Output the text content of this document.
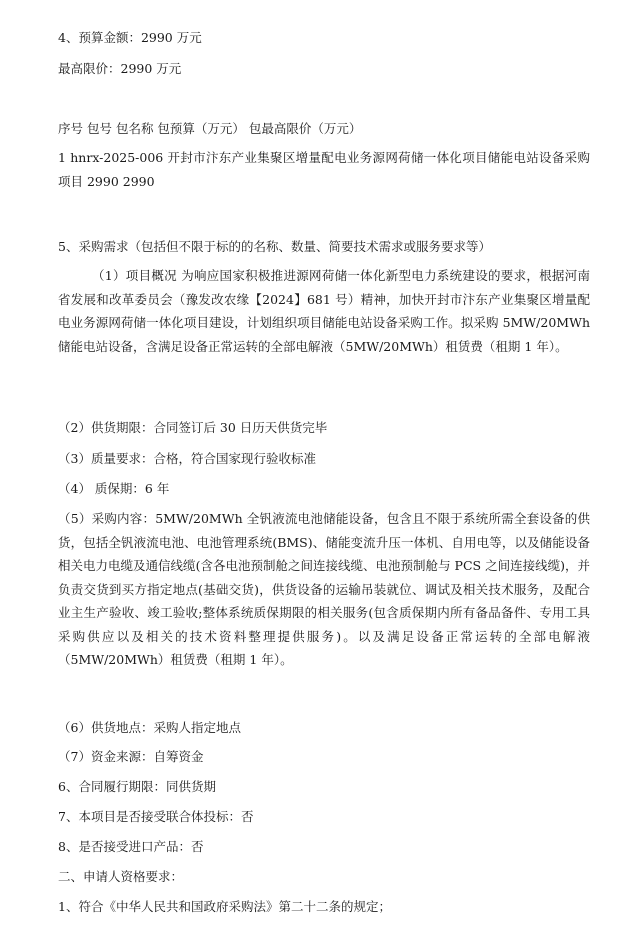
4、预算金额：2990 万元
最高限价：2990 万元
序号 包号 包名称 包预算（万元） 包最高限价（万元）
1 hnrx-2025-006 开封市汴东产业集聚区增量配电业务源网荷储一体化项目储能电站设备采购项目 2990 2990
5、采购需求（包括但不限于标的的名称、数量、简要技术需求或服务要求等）
（1）项目概况 为响应国家积极推进源网荷储一体化新型电力系统建设的要求，根据河南省发展和改革委员会（豫发改农缘【2024】681 号）精神，加快开封市汴东产业集聚区增量配电业务源网荷储一体化项目建设，计划组织项目储能电站设备采购工作。拟采购 5MW/20MWh 储能电站设备，含满足设备正常运转的全部电解液（5MW/20MWh）租赁费（租期 1 年）。
（2）供货期限：合同签订后 30 日历天供货完毕
（3）质量要求：合格，符合国家现行验收标准
（4） 质保期：6 年
（5）采购内容：5MW/20MWh 全钒液流电池储能设备，包含且不限于系统所需全套设备的供货，包括全钒液流电池、电池管理系统(BMS)、储能变流升压一体机、自用电等，以及储能设备相关电力电缆及通信线缆(含各电池预制舱之间连接线缆、电池预制舱与 PCS 之间连接线缆)，并负责交货到买方指定地点(基础交货)，供货设备的运输吊装就位、调试及相关技术服务，及配合业主生产验收、竣工验收;整体系统质保期限的相关服务(包含质保期内所有备品备件、专用工具采购供应以及相关的技术资料整理提供服务)。以及满足设备正常运转的全部电解液（5MW/20MWh）租赁费（租期 1 年）。
（6）供货地点：采购人指定地点
（7）资金来源：自筹资金
6、合同履行期限：同供货期
7、本项目是否接受联合体投标：否
8、是否接受进口产品：否
二、申请人资格要求：
1、符合《中华人民共和国政府采购法》第二十二条的规定；
